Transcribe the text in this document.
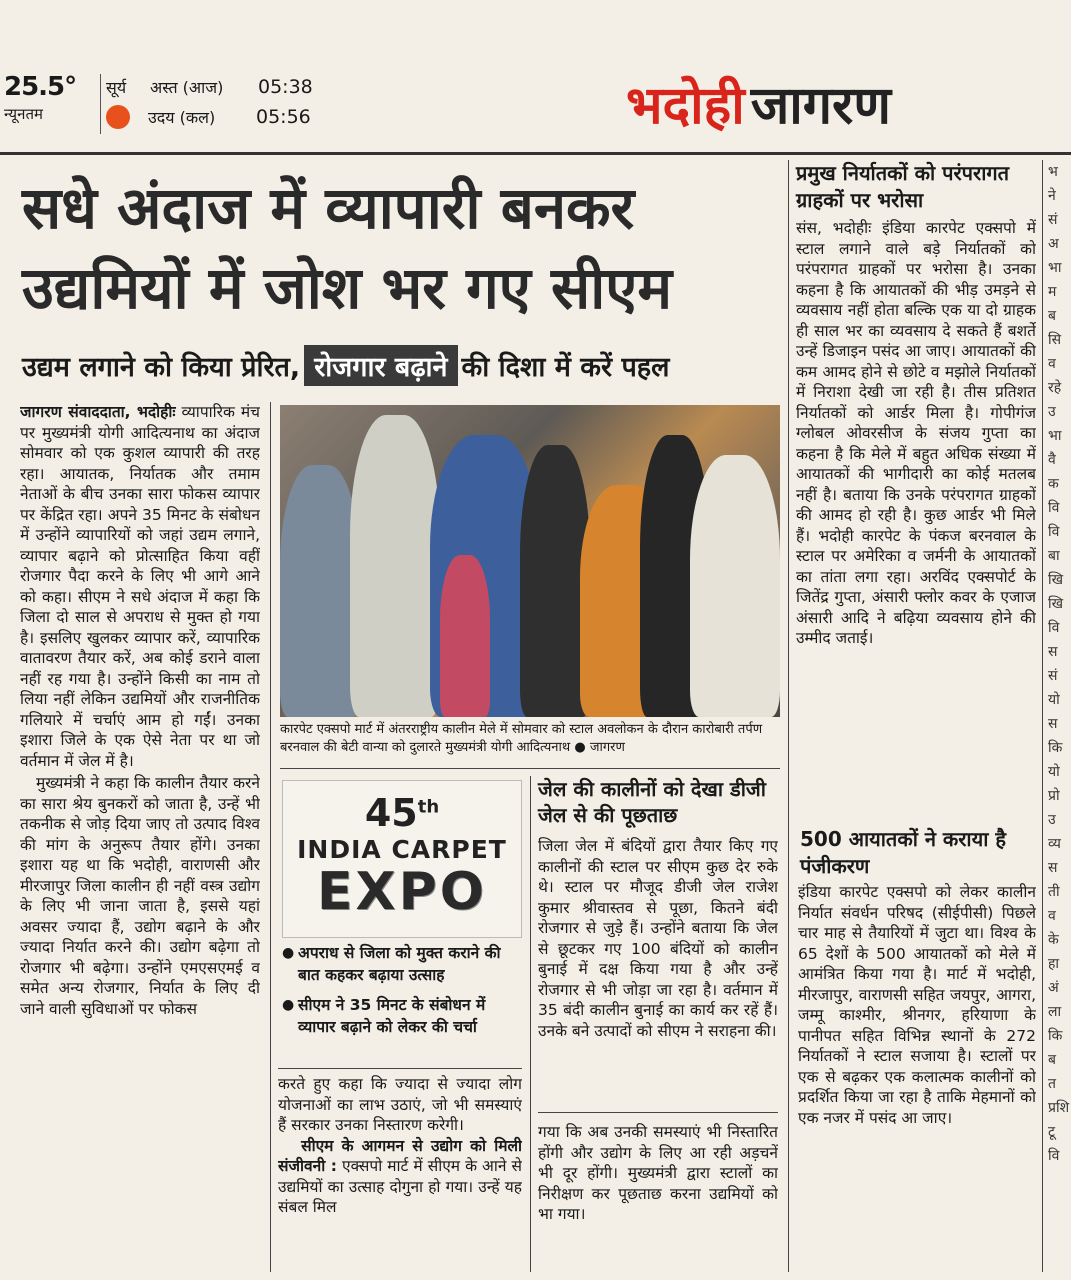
25.5°
न्यूनतम
सूर्य	अस्त (आज)	05:38
उदय (कल)	05:56	भदोही जागरण
सधे अंदाज में व्यापारी बनकर
उद्यमियों में जोश भर गए सीएम
उद्यम लगाने को किया प्रेरित, रोजगार बढ़ाने की दिशा में करें पहल

जागरण संवाददाता, भदोहीः व्यापारिक मंच पर मुख्यमंत्री योगी आदित्यनाथ का अंदाज सोमवार को एक कुशल व्यापारी की तरह रहा। आयातक, निर्यातक और तमाम नेताओं के बीच उनका सारा फोकस व्यापार पर केंद्रित रहा। अपने 35 मिनट के संबोधन में उन्होंने व्यापारियों को जहां उद्यम लगाने, व्यापार बढ़ाने को प्रोत्साहित किया वहीं रोजगार पैदा करने के लिए भी आगे आने को कहा। सीएम ने सधे अंदाज में कहा कि जिला दो साल से अपराध से मुक्त हो गया है। इसलिए खुलकर व्यापार करें, व्यापारिक वातावरण तैयार करें, अब कोई डराने वाला नहीं रह गया है। उन्होंने किसी का नाम तो लिया नहीं लेकिन उद्यमियों और राजनीतिक गलियारे में चर्चाएं आम हो गईं। उनका इशारा जिले के एक ऐसे नेता पर था जो वर्तमान में जेल में है।

मुख्यमंत्री ने कहा कि कालीन तैयार करने का सारा श्रेय बुनकरों को जाता है, उन्हें भी तकनीक से जोड़ दिया जाए तो उत्पाद विश्व की मांग के अनुरूप तैयार होंगे। उनका इशारा यह था कि भदोही, वाराणसी और मीरजापुर जिला कालीन ही नहीं वस्त्र उद्योग के लिए भी जाना जाता है, इससे यहां अवसर ज्यादा हैं, उद्योग बढ़ाने के और ज्यादा निर्यात करने की। उद्योग बढ़ेगा तो रोजगार भी बढ़ेगा। उन्होंने एमएसएमई व समेत अन्य रोजगार, निर्यात के लिए दी जाने वाली सुविधाओं पर फोकस

कारपेट एक्सपो मार्ट में अंतरराष्ट्रीय कालीन मेले में सोमवार को स्टाल अवलोकन के दौरान कारोबारी तर्पण बरनवाल की बेटी वान्या को दुलारते मुख्यमंत्री योगी आदित्यनाथ ● जागरण
45th
INDIA CARPET
EXPO
● अपराध से जिला को मुक्त कराने की बात कहकर बढ़ाया उत्साह
● सीएम ने 35 मिनट के संबोधन में व्यापार बढ़ाने को लेकर की चर्चा

करते हुए कहा कि ज्यादा से ज्यादा लोग योजनाओं का लाभ उठाएं, जो भी समस्याएं हैं सरकार उनका निस्तारण करेगी।

सीएम के आगमन से उद्योग को मिली संजीवनी : एक्सपो मार्ट में सीएम के आने से उद्यमियों का उत्साह दोगुना हो गया। उन्हें यह संबल मिल

जेल की कालीनों को देखा डीजी जेल से की पूछताछ
जिला जेल में बंदियों द्वारा तैयार किए गए कालीनों की स्टाल पर सीएम कुछ देर रुके थे। स्टाल पर मौजूद डीजी जेल राजेश कुमार श्रीवास्तव से पूछा, कितने बंदी रोजगार से जुड़े हैं। उन्होंने बताया कि जेल से छूटकर गए 100 बंदियों को कालीन बुनाई में दक्ष किया गया है और उन्हें रोजगार से भी जोड़ा जा रहा है। वर्तमान में 35 बंदी कालीन बुनाई का कार्य कर रहें हैं। उनके बने उत्पादों को सीएम ने सराहना की।
गया कि अब उनकी समस्याएं भी निस्तारित होंगी और उद्योग के लिए आ रही अड़चनें भी दूर होंगी। मुख्यमंत्री द्वारा स्टालों का निरीक्षण कर पूछताछ करना उद्यमियों को भा गया।
प्रमुख निर्यातकों को परंपरागत ग्राहकों पर भरोसा
संस, भदोहीः इंडिया कारपेट एक्सपो में स्टाल लगाने वाले बड़े निर्यातकों को परंपरागत ग्राहकों पर भरोसा है। उनका कहना है कि आयातकों की भीड़ उमड़ने से व्यवसाय नहीं होता बल्कि एक या दो ग्राहक ही साल भर का व्यवसाय दे सकते हैं बशर्ते उन्हें डिजाइन पसंद आ जाए। आयातकों की कम आमद होने से छोटे व मझोले निर्यातकों में निराशा देखी जा रही है। तीस प्रतिशत निर्यातकों को आर्डर मिला है। गोपीगंज ग्लोबल ओवरसीज के संजय गुप्ता का कहना है कि मेले में बहुत अधिक संख्या में आयातकों की भागीदारी का कोई मतलब नहीं है। बताया कि उनके परंपरागत ग्राहकों की आमद हो रही है। कुछ आर्डर भी मिले हैं। भदोही कारपेट के पंकज बरनवाल के स्टाल पर अमेरिका व जर्मनी के आयातकों का तांता लगा रहा। अरविंद एक्सपोर्ट के जितेंद्र गुप्ता, अंसारी फ्लोर कवर के एजाज अंसारी आदि ने बढ़िया व्यवसाय होने की उम्मीद जताई।
500 आयातकों ने कराया है पंजीकरण
इंडिया कारपेट एक्सपो को लेकर कालीन निर्यात संवर्धन परिषद (सीईपीसी) पिछले चार माह से तैयारियों में जुटा था। विश्व के 65 देशों के 500 आयातकों को मेले में आमंत्रित किया गया है। मार्ट में भदोही, मीरजापुर, वाराणसी सहित जयपुर, आगरा, जम्मू काश्मीर, श्रीनगर, हरियाणा के पानीपत सहित विभिन्न स्थानों के 272 निर्यातकों ने स्टाल सजाया है। स्टालों पर एक से बढ़कर एक कलात्मक कालीनों को प्रदर्शित किया जा रहा है ताकि मेहमानों को एक नजर में पसंद आ जाए।
भ
ने
सं
अ
भा
म
ब
सि
व
रहे
उ
भा
वै
क
वि
वि
बा
खि
खि
वि
स
सं
यो
स
कि
यो
प्रो
उ
व्य
स
ती
व
के
हा
अं
ला
कि
ब
त
प्रशि
टू
वि
